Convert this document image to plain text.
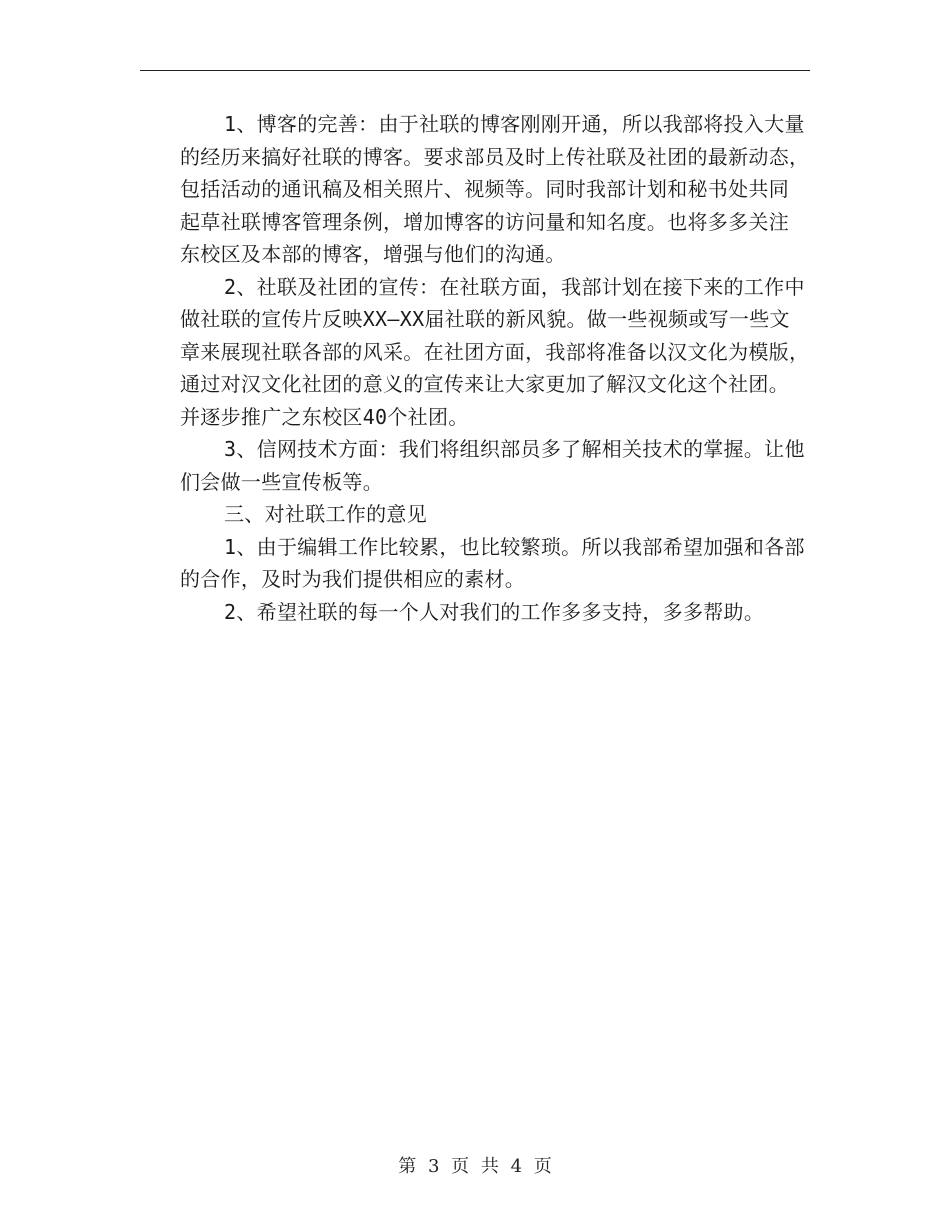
1、博客的完善：由于社联的博客刚刚开通，所以我部将投入大量
的经历来搞好社联的博客。要求部员及时上传社联及社团的最新动态，
包括活动的通讯稿及相关照片、视频等。同时我部计划和秘书处共同
起草社联博客管理条例，增加博客的访问量和知名度。也将多多关注
东校区及本部的博客，增强与他们的沟通。
2、社联及社团的宣传：在社联方面，我部计划在接下来的工作中
做社联的宣传片反映XX—XX届社联的新风貌。做一些视频或写一些文
章来展现社联各部的风采。在社团方面，我部将准备以汉文化为模版，
通过对汉文化社团的意义的宣传来让大家更加了解汉文化这个社团。
并逐步推广之东校区40个社团。
3、信网技术方面：我们将组织部员多了解相关技术的掌握。让他
们会做一些宣传板等。
三、对社联工作的意见
1、由于编辑工作比较累，也比较繁琐。所以我部希望加强和各部
的合作，及时为我们提供相应的素材。
2、希望社联的每一个人对我们的工作多多支持，多多帮助。
第 3 页 共 4 页
